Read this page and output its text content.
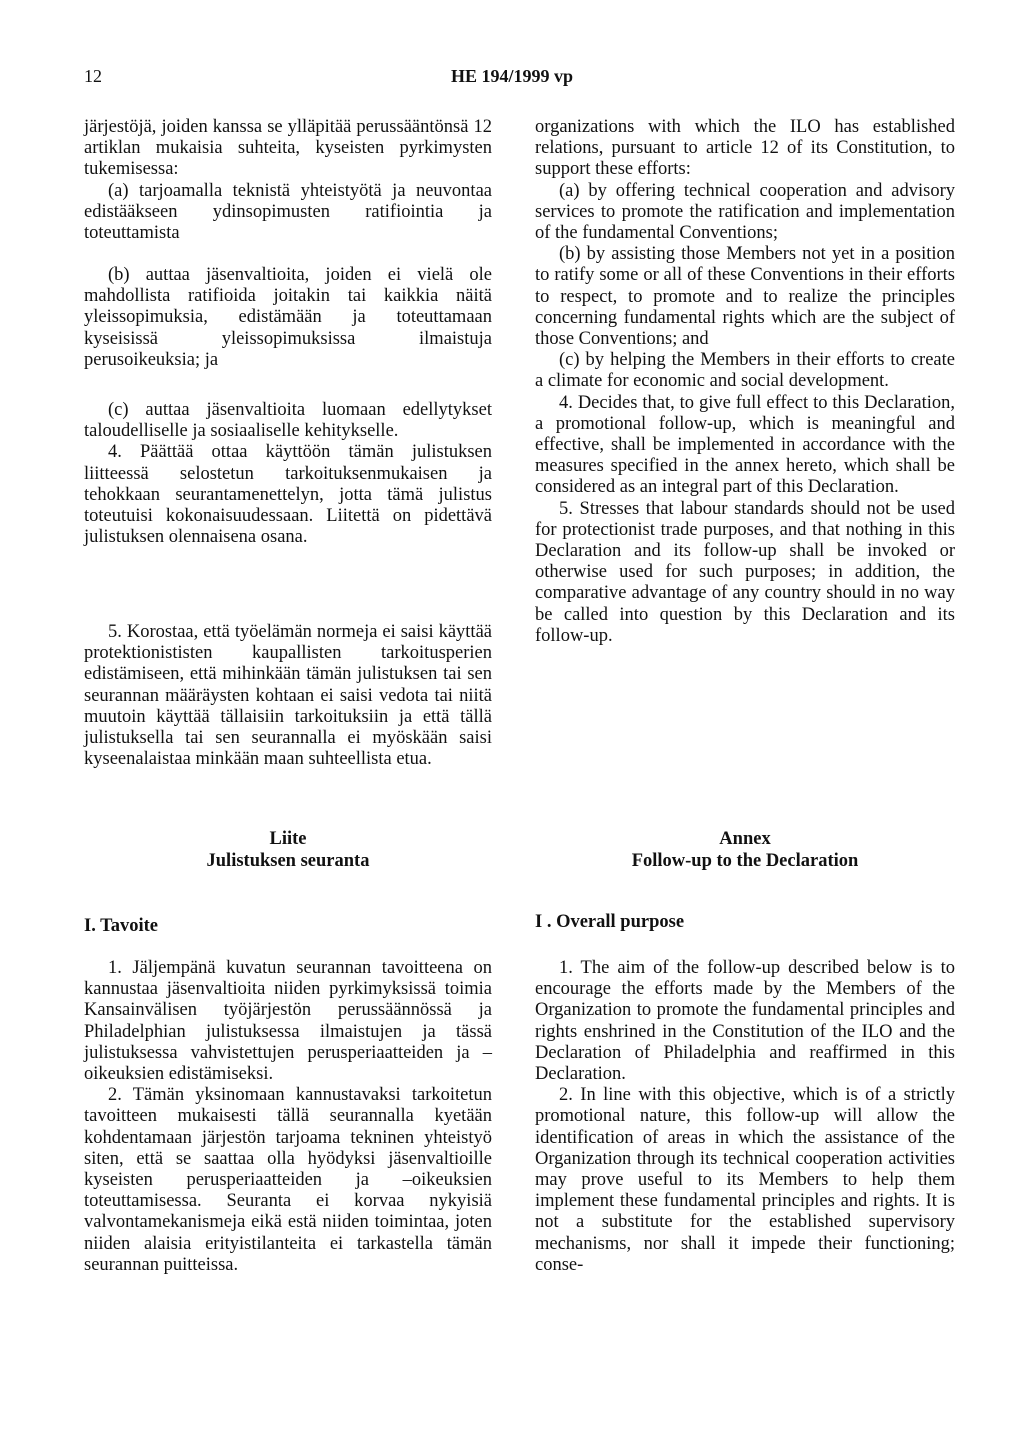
12	HE 194/1999 vp

järjestöjä, joiden kanssa se ylläpitää perussääntönsä 12 artiklan mukaisia suhteita, kyseisten pyrkimysten tukemisessa:

(a) tarjoamalla teknistä yhteistyötä ja neuvontaa edistääkseen ydinsopimusten ratifiointia ja toteuttamista

(b) auttaa jäsenvaltioita, joiden ei vielä ole mahdollista ratifioida joitakin tai kaikkia näitä yleissopimuksia, edistämään ja toteuttamaan kyseisissä yleissopimuksissa ilmaistuja perusoikeuksia; ja

(c) auttaa jäsenvaltioita luomaan edellytykset taloudelliselle ja sosiaaliselle kehitykselle.

4. Päättää ottaa käyttöön tämän julistuksen liitteessä selostetun tarkoituksenmukaisen ja tehokkaan seurantamenettelyn, jotta tämä julistus toteutuisi kokonaisuudessaan. Liitettä on pidettävä julistuksen olennaisena osana.

5. Korostaa, että työelämän normeja ei saisi käyttää protektionististen kaupallisten tarkoitusperien edistämiseen, että mihinkään tämän julistuksen tai sen seurannan määräysten kohtaan ei saisi vedota tai niitä muutoin käyttää tällaisiin tarkoituksiin ja että tällä julistuksella tai sen seurannalla ei myöskään saisi kyseenalaistaa minkään maan suhteellista etua.

Liite
Julistuksen seuranta
I. Tavoite

1. Jäljempänä kuvatun seurannan tavoitteena on kannustaa jäsenvaltioita niiden pyrkimyksissä toimia Kansainvälisen työjärjestön perussäännössä ja Philadelphian julistuksessa ilmaistujen ja tässä julistuksessa vahvistettujen perusperiaatteiden ja –oikeuksien edistämiseksi.

2. Tämän yksinomaan kannustavaksi tarkoitetun tavoitteen mukaisesti tällä seurannalla kyetään kohdentamaan järjestön tarjoama tekninen yhteistyö siten, että se saattaa olla hyödyksi jäsenvaltioille kyseisten perusperiaatteiden ja –oikeuksien toteuttamisessa. Seuranta ei korvaa nykyisiä valvontamekanismeja eikä estä niiden toimintaa, joten niiden alaisia erityistilanteita ei tarkastella tämän seurannan puitteissa.

organizations with which the ILO has established relations, pursuant to article 12 of its Constitution, to support these efforts:

(a) by offering technical cooperation and advisory services to promote the ratification and implementation of the fundamental Conventions;

(b) by assisting those Members not yet in a position to ratify some or all of these Conventions in their efforts to respect, to promote and to realize the principles concerning fundamental rights which are the subject of those Conventions; and

(c) by helping the Members in their efforts to create a climate for economic and social development.

4. Decides that, to give full effect to this Declaration, a promotional follow-up, which is meaningful and effective, shall be implemented in accordance with the measures specified in the annex hereto, which shall be considered as an integral part of this Declaration.

5. Stresses that labour standards should not be used for protectionist trade purposes, and that nothing in this Declaration and its follow-up shall be invoked or otherwise used for such purposes; in addition, the comparative advantage of any country should in no way be called into question by this Declaration and its follow-up.

Annex
Follow-up to the Declaration
I . Overall purpose

1. The aim of the follow-up described below is to encourage the efforts made by the Members of the Organization to promote the fundamental principles and rights enshrined in the Constitution of the ILO and the Declaration of Philadelphia and reaffirmed in this Declaration.

2. In line with this objective, which is of a strictly promotional nature, this follow-up will allow the identification of areas in which the assistance of the Organization through its technical cooperation activities may prove useful to its Members to help them implement these fundamental principles and rights. It is not a substitute for the established supervisory mechanisms, nor shall it impede their functioning; conse-
